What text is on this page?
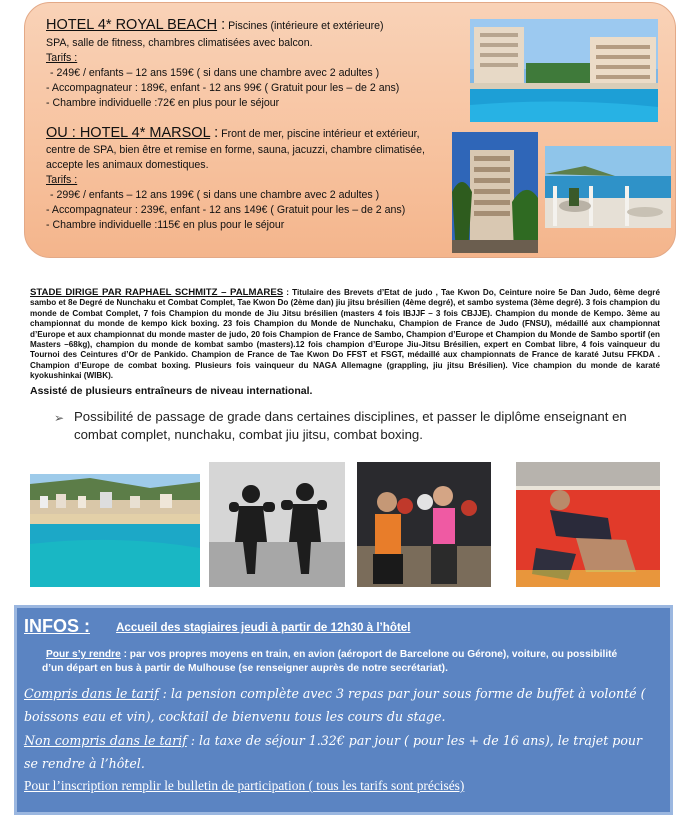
HOTEL 4* ROYAL BEACH : Piscines (intérieure et extérieure)
SPA, salle de fitness, chambres climatisées avec balcon.
Tarifs :
- 249€ / enfants – 12 ans 159€ ( si dans une chambre avec 2 adultes )
- Accompagnateur : 189€, enfant - 12 ans 99€ ( Gratuit pour les – de 2 ans)
- Chambre individuelle :72€ en plus pour le séjour
OU : HOTEL 4* MARSOL : Front de mer, piscine intérieur et extérieur,
centre de SPA, bien être et remise en forme, sauna, jacuzzi, chambre climatisée,
accepte les animaux domestiques.
Tarifs :
- 299€ / enfants – 12 ans 199€ ( si dans une chambre avec 2 adultes )
- Accompagnateur : 239€, enfant - 12 ans 149€ ( Gratuit pour les – de 2 ans)
- Chambre individuelle :115€ en plus pour le séjour
STADE DIRIGE PAR RAPHAEL SCHMITZ – PALMARES : Titulaire des Brevets d’Etat de judo , Tae Kwon Do, Ceinture noire 5e Dan Judo, 6ème degré sambo et 8e Degré de Nunchaku et Combat Complet, Tae Kwon Do (2ème dan) jiu jitsu brésilien (4ème degré), et sambo systema (3ème degré). 3 fois champion du monde de Combat Complet, 7 fois Champion du monde de Jiu Jitsu brésilien (masters 4 fois IBJJF – 3 fois CBJJE). Champion du monde de Kempo. 3ème au championnat du monde de kempo kick boxing. 23 fois Champion du Monde de Nunchaku, Champion de France de Judo (FNSU), médaillé aux championnat d’Europe et aux championnat du monde master de judo, 20 fois Champion de France de Sambo, Champion d’Europe et Champion du Monde de Sambo sportif (en Masters –68kg), champion du monde de kombat sambo (masters).12 fois champion d’Europe Jiu-Jitsu Brésilien, expert en Combat libre, 4 fois vainqueur du Tournoi des Ceintures d’Or de Pankido. Champion de France de Tae Kwon Do FFST et FSGT, médaillé aux championnats de France de karaté Jutsu FFKDA . Champion d’Europe de combat boxing. Plusieurs fois vainqueur du NAGA Allemagne (grappling, jiu jitsu Brésilien). Vice champion du monde de karaté kyokushinkai (WIBK).
Assisté de plusieurs entraîneurs de niveau international.
➢ Possibilité de passage de grade dans certaines disciplines, et passer le diplôme enseignant en combat complet, nunchaku, combat jiu jitsu, combat boxing.
INFOS : Accueil des stagiaires jeudi à partir de 12h30 à l’hôtel
Pour s’y rendre : par vos propres moyens en train, en avion (aéroport de Barcelone ou Gérone), voiture, ou possibilité
d’un départ en bus à partir de Mulhouse (se renseigner auprès de notre secrétariat).
Compris dans le tarif : la pension complète avec 3 repas par jour sous forme de buffet à volonté (
boissons eau et vin), cocktail de bienvenu tous les cours du stage.
Non compris dans le tarif : la taxe de séjour 1.32€ par jour ( pour les + de 16 ans), le trajet pour
se rendre à l’hôtel.
Pour l’inscription remplir le bulletin de participation ( tous les tarifs sont précisés)
